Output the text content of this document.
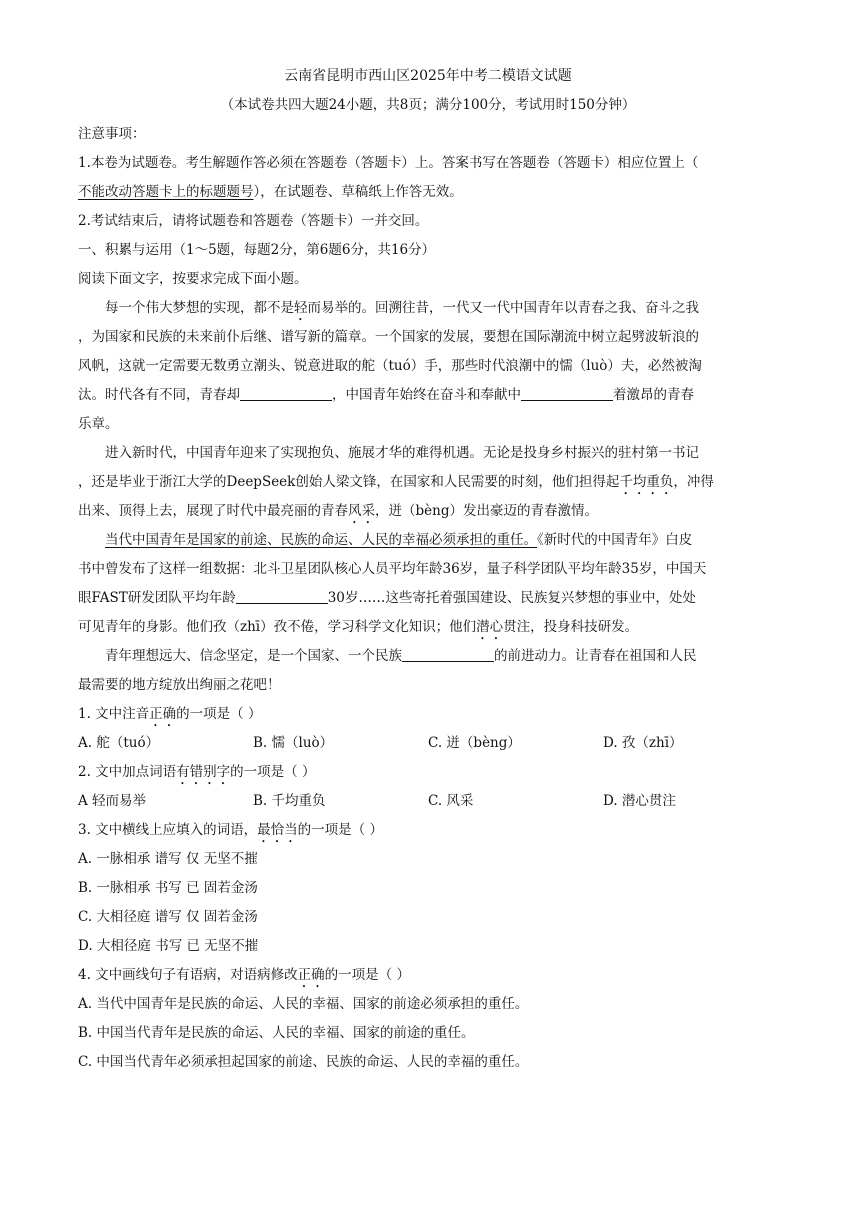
云南省昆明市西山区2025年中考二模语文试题
（本试卷共四大题24小题，共8页；满分100分，考试用时150分钟）
注意事项：
1.本卷为试题卷。考生解题作答必须在答题卷（答题卡）上。答案书写在答题卷（答题卡）相应位置上（
不能改动答题卡上的标题题号），在试题卷、草稿纸上作答无效。
2.考试结束后，请将试题卷和答题卷（答题卡）一并交回。
一、积累与运用（1～5题，每题2分，第6题6分，共16分）
阅读下面文字，按要求完成下面小题。
每一个伟大梦想的实现，都不是轻而易举的。回溯往昔，一代又一代中国青年以青春之我、奋斗之我
，为国家和民族的未来前仆后继、谱写新的篇章。一个国家的发展，要想在国际潮流中树立起劈波斩浪的
风帆，这就一定需要无数勇立潮头、锐意进取的舵（tuó）手，那些时代浪潮中的懦（luò）夫，必然被淘
汰。时代各有不同，青春却	，中国青年始终在奋斗和奉献中	着激昂的青春
乐章。
进入新时代，中国青年迎来了实现抱负、施展才华的难得机遇。无论是投身乡村振兴的驻村第一书记
，还是毕业于浙江大学的DeepSeek创始人梁文锋，在国家和人民需要的时刻，他们担得起千均重负，冲得
出来、顶得上去，展现了时代中最亮丽的青春风采，迸（bèng）发出豪迈的青春激情。
当代中国青年是国家的前途、民族的命运、人民的幸福必须承担的重任。《新时代的中国青年》白皮
书中曾发布了这样一组数据：北斗卫星团队核心人员平均年龄36岁，量子科学团队平均年龄35岁，中国天
眼FAST研发团队平均年龄	30岁……这些寄托着强国建设、民族复兴梦想的事业中，处处
可见青年的身影。他们孜（zhī）孜不倦，学习科学文化知识；他们潜心贯注，投身科技研发。
青年理想远大、信念坚定，是一个国家、一个民族	的前进动力。让青春在祖国和人民
最需要的地方绽放出绚丽之花吧！
1. 文中注音正确的一项是（ ）
A. 舵（tuó）	B. 懦（luò）	C. 迸（bèng）	D. 孜（zhī）
2. 文中加点词语有错别字的一项是（ ）
A 轻而易举	B. 千均重负	C. 风采	D. 潜心贯注
3. 文中横线上应填入的词语，最恰当的一项是（ ）
A. 一脉相承 谱写 仅 无坚不摧
B. 一脉相承 书写 已 固若金汤
C. 大相径庭 谱写 仅 固若金汤
D. 大相径庭 书写 已 无坚不摧
4. 文中画线句子有语病，对语病修改正确的一项是（ ）
A. 当代中国青年是民族的命运、人民的幸福、国家的前途必须承担的重任。
B. 中国当代青年是民族的命运、人民的幸福、国家的前途的重任。
C. 中国当代青年必须承担起国家的前途、民族的命运、人民的幸福的重任。
